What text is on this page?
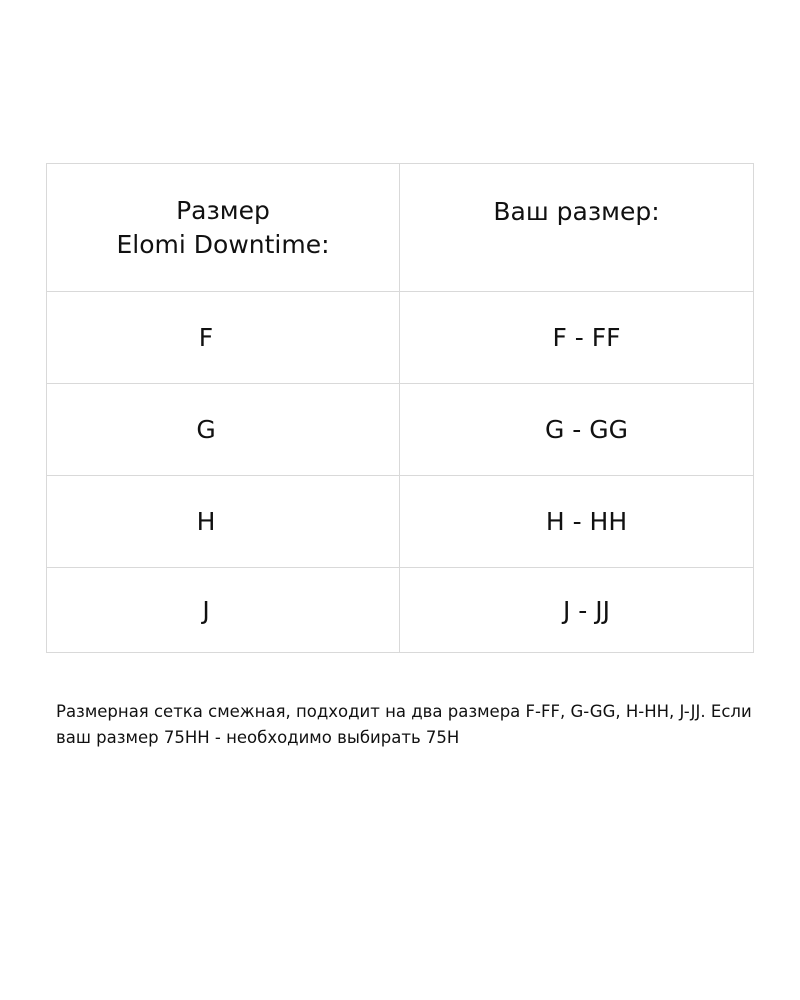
Размер
Elomi Downtime:	Ваш размер:
F	F - FF
G	G - GG
H	H - HH
J	J - JJ

Размерная сетка смежная, подходит на два размера F-FF, G-GG, H-HH, J-JJ. Если
ваш размер 75HH - необходимо выбирать 75H
